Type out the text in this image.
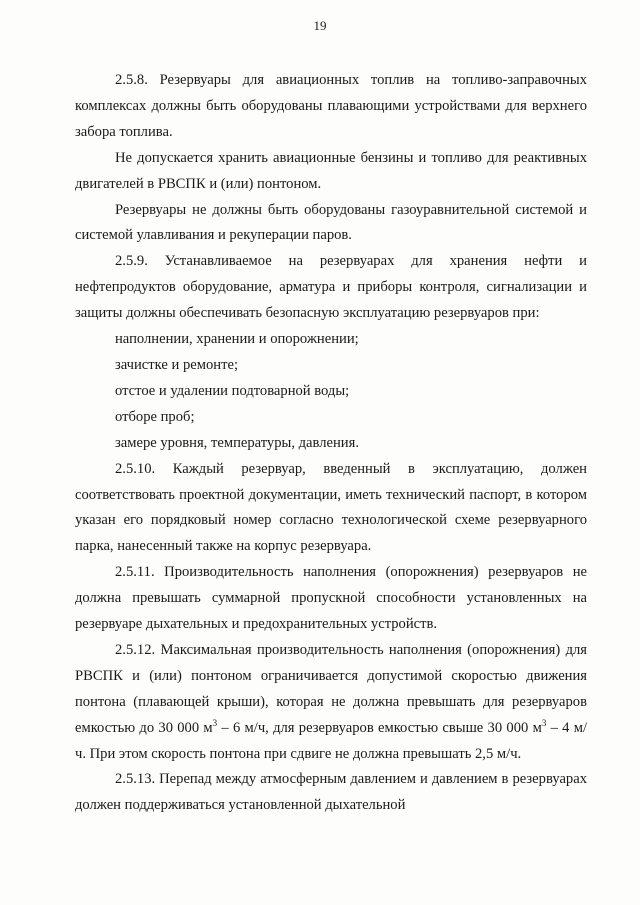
19

2.5.8. Резервуары для авиационных топлив на топливо-заправочных комплексах должны быть оборудованы плавающими устройствами для верхнего забора топлива.

Не допускается хранить авиационные бензины и топливо для реактивных двигателей в РВСПК и (или) понтоном.

Резервуары не должны быть оборудованы газоуравнительной системой и системой улавливания и рекуперации паров.

2.5.9. Устанавливаемое на резервуарах для хранения нефти и нефтепродуктов оборудование, арматура и приборы контроля, сигнализации и защиты должны обеспечивать безопасную эксплуатацию резервуаров при:

наполнении, хранении и опорожнении;

зачистке и ремонте;

отстое и удалении подтоварной воды;

отборе проб;

замере уровня, температуры, давления.

2.5.10. Каждый резервуар, введенный в эксплуатацию, должен соответствовать проектной документации, иметь технический паспорт, в котором указан его порядковый номер согласно технологической схеме резервуарного парка, нанесенный также на корпус резервуара.

2.5.11. Производительность наполнения (опорожнения) резервуаров не должна превышать суммарной пропускной способности установленных на резервуаре дыхательных и предохранительных устройств.

2.5.12. Максимальная производительность наполнения (опорожнения) для РВСПК и (или) понтоном ограничивается допустимой скоростью движения понтона (плавающей крыши), которая не должна превышать для резервуаров емкостью до 30 000 $м^3 - 6$ м/ч, для резервуаров емкостью свыше 30 000 $м^3 - 4$ м/ч. При этом скорость понтона при сдвиге не должна превышать 2,5 м/ч.

2.5.13. Перепад между атмосферным давлением и давлением в резервуарах должен поддерживаться установленной дыхательной
